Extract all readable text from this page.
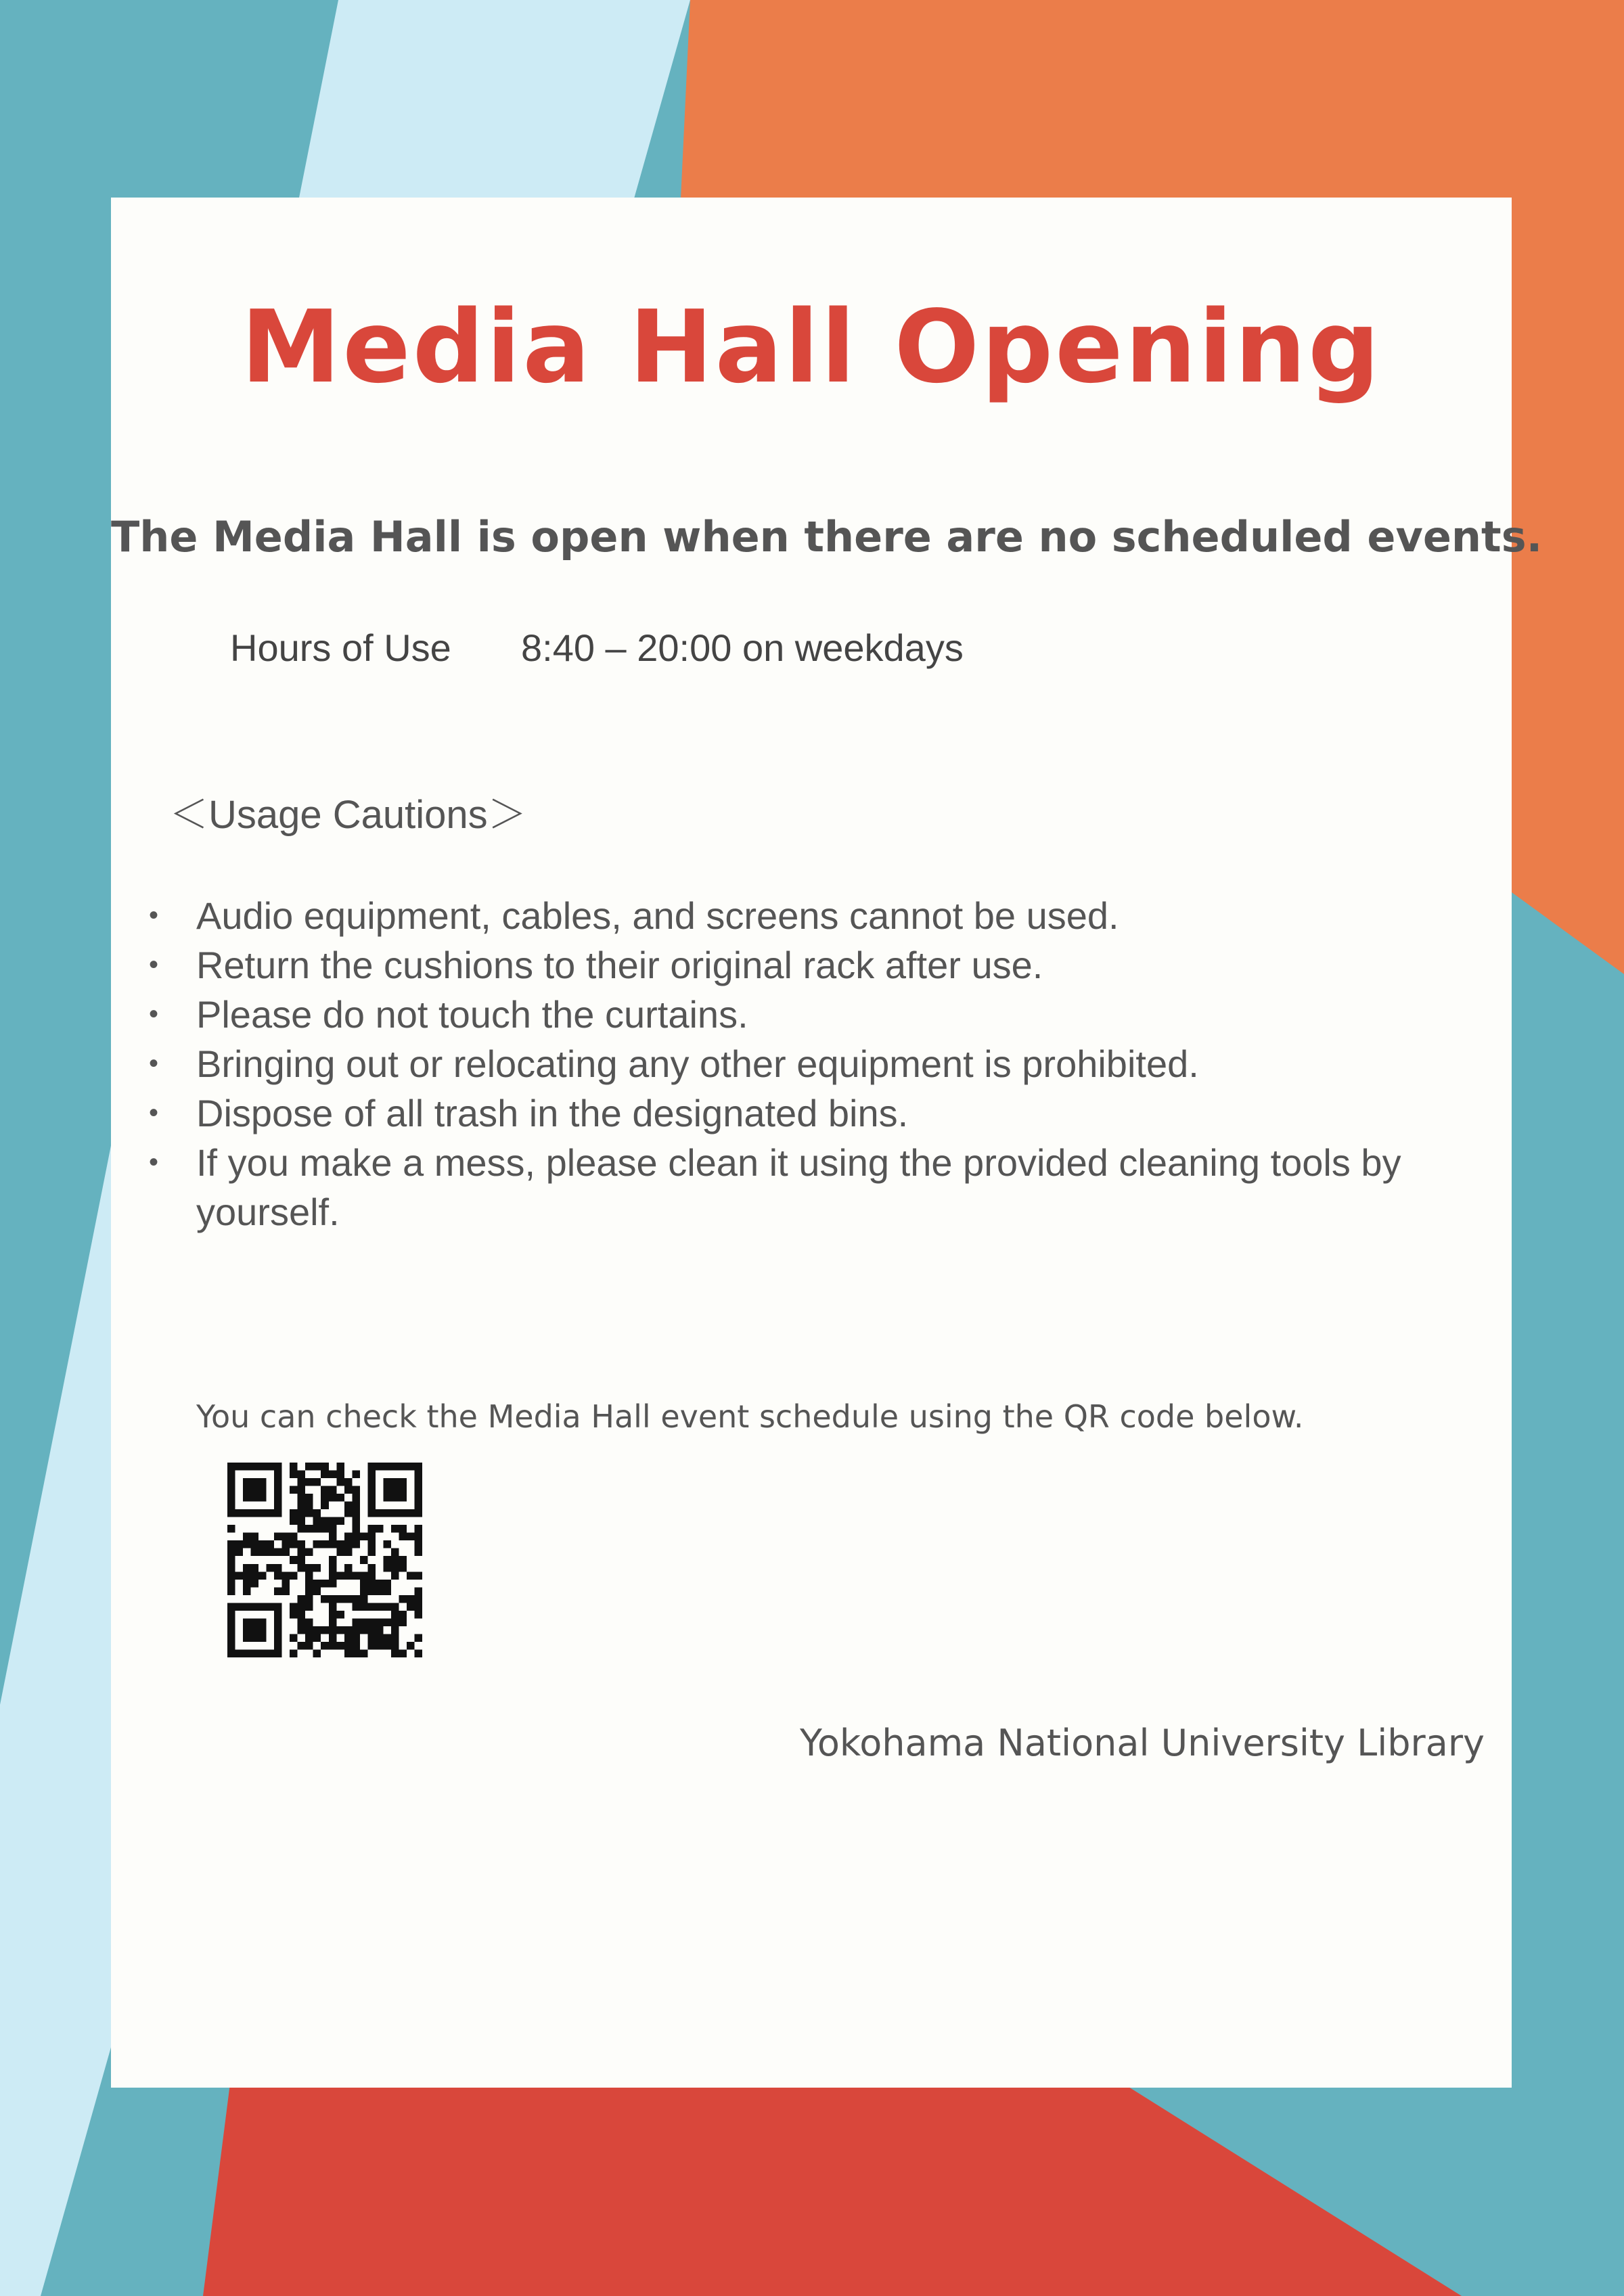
Media Hall Opening
The Media Hall is open when there are no scheduled events.
Hours of Use 8:40 – 20:00 on weekdays
＜Usage Cautions＞
• Audio equipment, cables, and screens cannot be used.
• Return the cushions to their original rack after use.
• Please do not touch the curtains.
• Bringing out or relocating any other equipment is prohibited.
• Dispose of all trash in the designated bins.
• If you make a mess, please clean it using the provided cleaning tools by yourself.
You can check the Media Hall event schedule using the QR code below.
Yokohama National University Library
